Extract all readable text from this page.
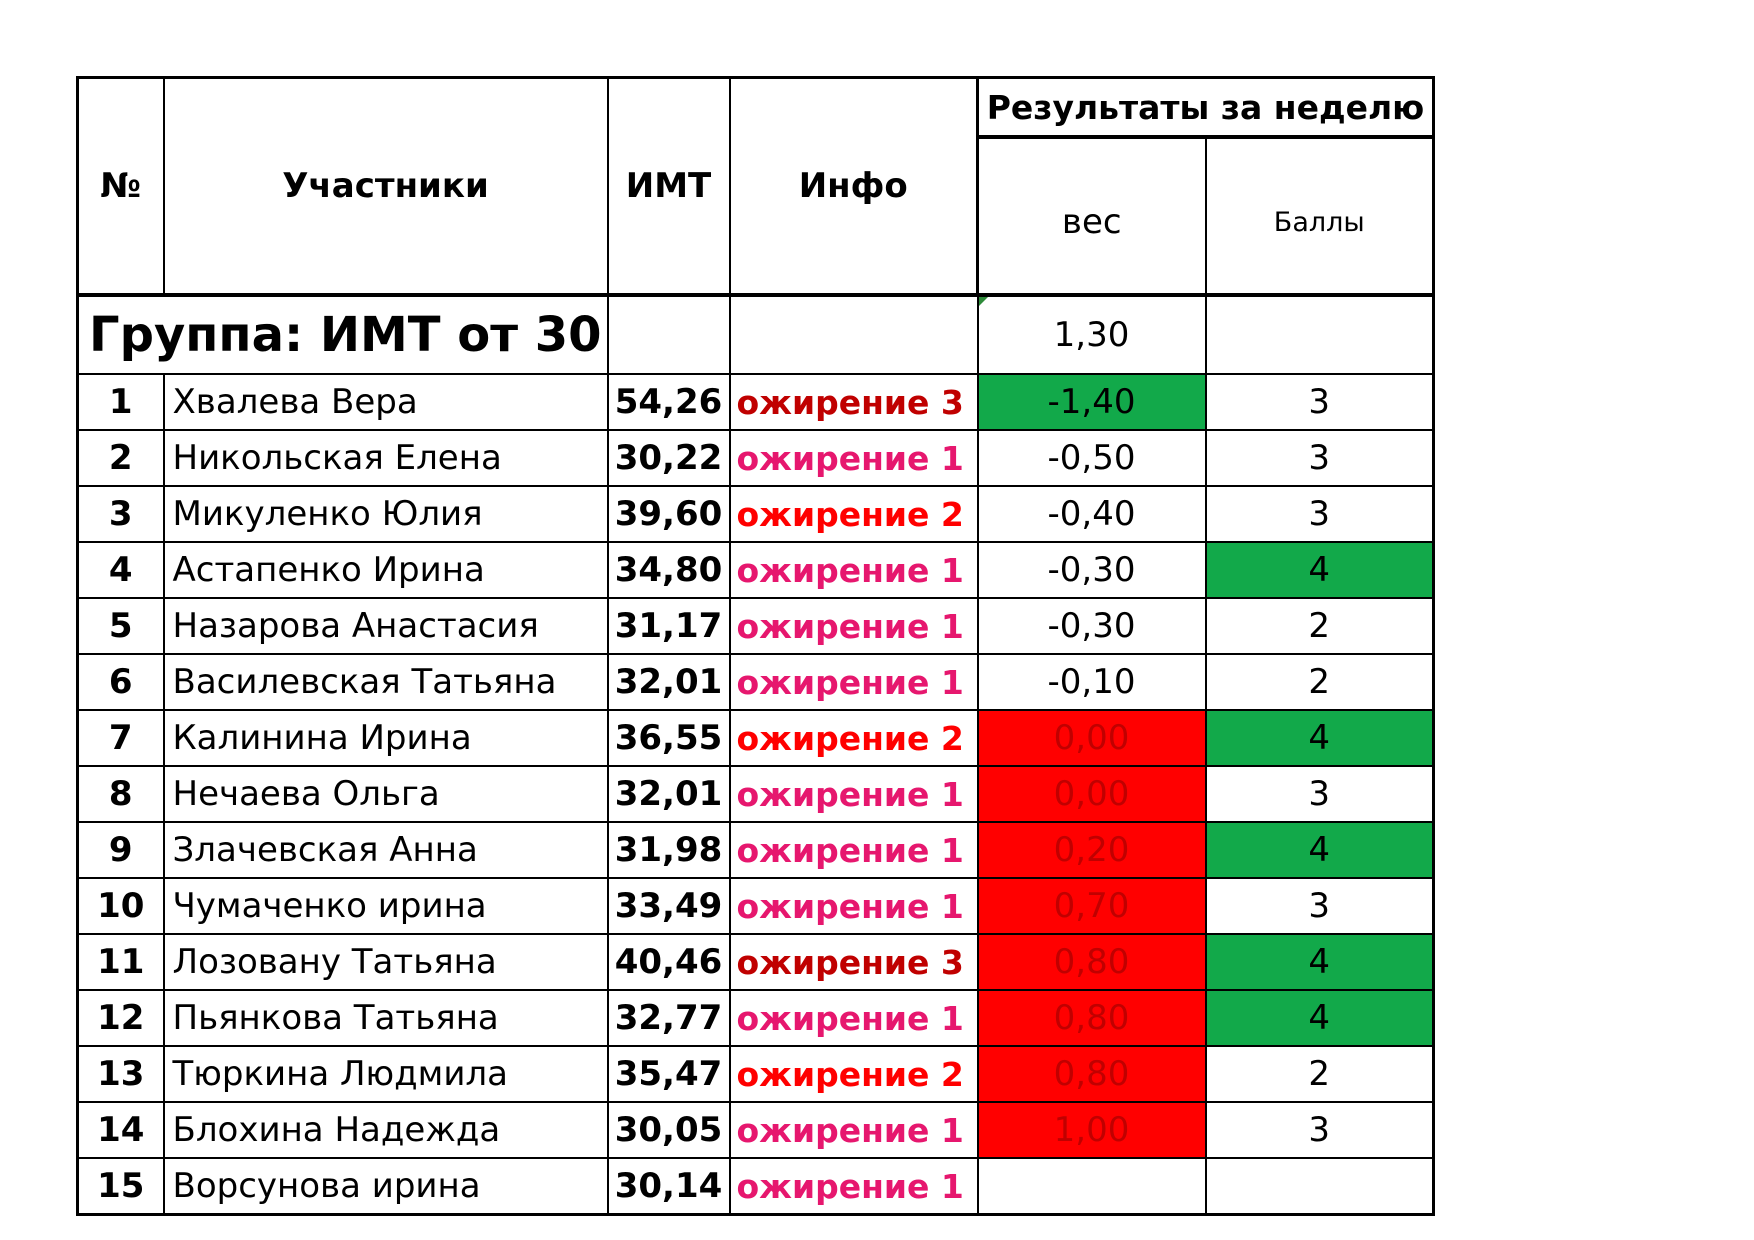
№	Участники	ИМТ	Инфо	Результаты за неделю	
				вес	Баллы
Группа: ИМТ от 30				1,30	
1	Хвалева Вера	54,26	ожирение 3	-1,40	3
2	Никольская Елена	30,22	ожирение 1	-0,50	3
3	Микуленко Юлия	39,60	ожирение 2	-0,40	3
4	Астапенко Ирина	34,80	ожирение 1	-0,30	4
5	Назарова Анастасия	31,17	ожирение 1	-0,30	2
6	Василевская Татьяна	32,01	ожирение 1	-0,10	2
7	Калинина Ирина	36,55	ожирение 2	0,00	4
8	Нечаева Ольга	32,01	ожирение 1	0,00	3
9	Злачевская Анна	31,98	ожирение 1	0,20	4
10	Чумаченко ирина	33,49	ожирение 1	0,70	3
11	Лозовану Татьяна	40,46	ожирение 3	0,80	4
12	Пьянкова Татьяна	32,77	ожирение 1	0,80	4
13	Тюркина Людмила	35,47	ожирение 2	0,80	2
14	Блохина Надежда	30,05	ожирение 1	1,00	3
15	Ворсунова ирина	30,14	ожирение 1		
